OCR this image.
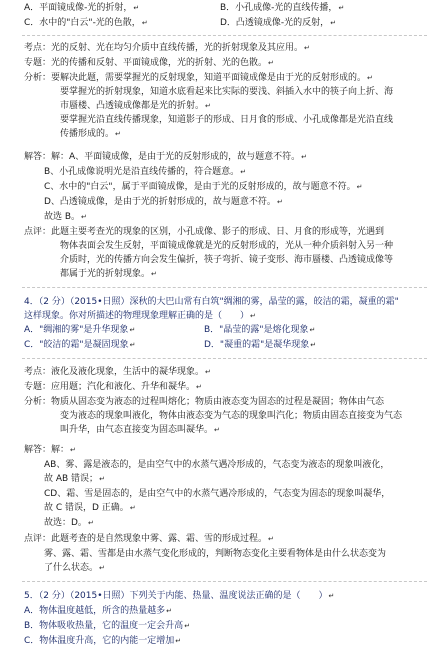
A．平面镜成像-光的折射，↵	B．小孔成像-光的直线传播，↵
C．水中的"白云"-光的色散，↵	D．凸透镜成像-光的反射，↵
考点：光的反射、光在均匀介质中直线传播，光的折射现象及其应用。↵
专题：光的传播和反射、平面镜成像，光的折射、光的色散。↵
分析：要解决此题，需要掌握光的反射现象，知道平面镜成像是由于光的反射形成的。↵
要掌握光的折射现象，知道水底看起来比实际的要浅、斜插入水中的筷子向上折、海
市蜃楼、凸透镜成像都是光的折射。↵
要掌握光沿直线传播现象，知道影子的形成、日月食的形成、小孔成像都是光沿直线
传播形成的。↵
解答：解：A、平面镜成像，是由于光的反射形成的，故与题意不符。↵
B、小孔成像说明光是沿直线传播的，符合题意。↵
C、水中的"白云"，属于平面镜成像，是由于光的反射形成的，故与题意不符。↵
D、凸透镜成像，是由于光的折射形成的，故与题意不符。↵
故选 B。↵
点评：此题主要考查光的现象的区别，小孔成像、影子的形成、日、月食的形成等，光遇到
物体表面会发生反射，平面镜成像就是光的反射形成的，光从一种介质斜射入另一种
介质时，光的传播方向会发生偏折，筷子弯折、镜子变形、海市蜃楼、凸透镜成像等
都属于光的折射现象。↵
4．（2 分）（2015•日照）深秋的大巴山常有白筑"绸湘的雾，晶莹的露，皎洁的霜，凝重的霜"
这样现象。你对所描述的物理现象理解正确的是（　　）↵
A．"绸湘的雾"是升华现象↵	B．"晶莹的露"是熔化现象↵
C．"皎洁的霜"是凝固现象↵	D．"凝重的霜"是凝华现象↵
考点：液化及液化现象，生活中的凝华现象。↵
专题：应用题；汽化和液化、升华和凝华。↵
分析：物质从固态变为液态的过程叫熔化；物质由液态变为固态的过程是凝固；物体由气态
变为液态的现象叫液化，物体由液态变为气态的现象叫汽化；物质由固态直接变为气态
叫升华，由气态直接变为固态叫凝华。↵
解答：解：↵
AB、雾、露是液态的，是由空气中的水蒸气遇冷形成的，气态变为液态的现象叫液化，
故 AB 错误；↵
CD、霜、雪是固态的，是由空气中的水蒸气遇冷形成的，气态变为固态的现象叫凝华，
故 C 错误，D 正确。↵
故选：D。↵
点评：此题考查的是自然现象中雾、露、霜、雪的形成过程。↵
雾、露、霜、雪都是由水蒸气变化形成的，判断物态变化主要看物体是由什么状态变为
了什么状态。↵
5．（2 分）（2015•日照）下列关于内能、热量、温度说法正确的是（　　）↵
A．物体温度越低，所含的热量越多↵
B．物体吸收热量，它的温度一定会升高↵
C．物体温度升高，它的内能一定增加↵
